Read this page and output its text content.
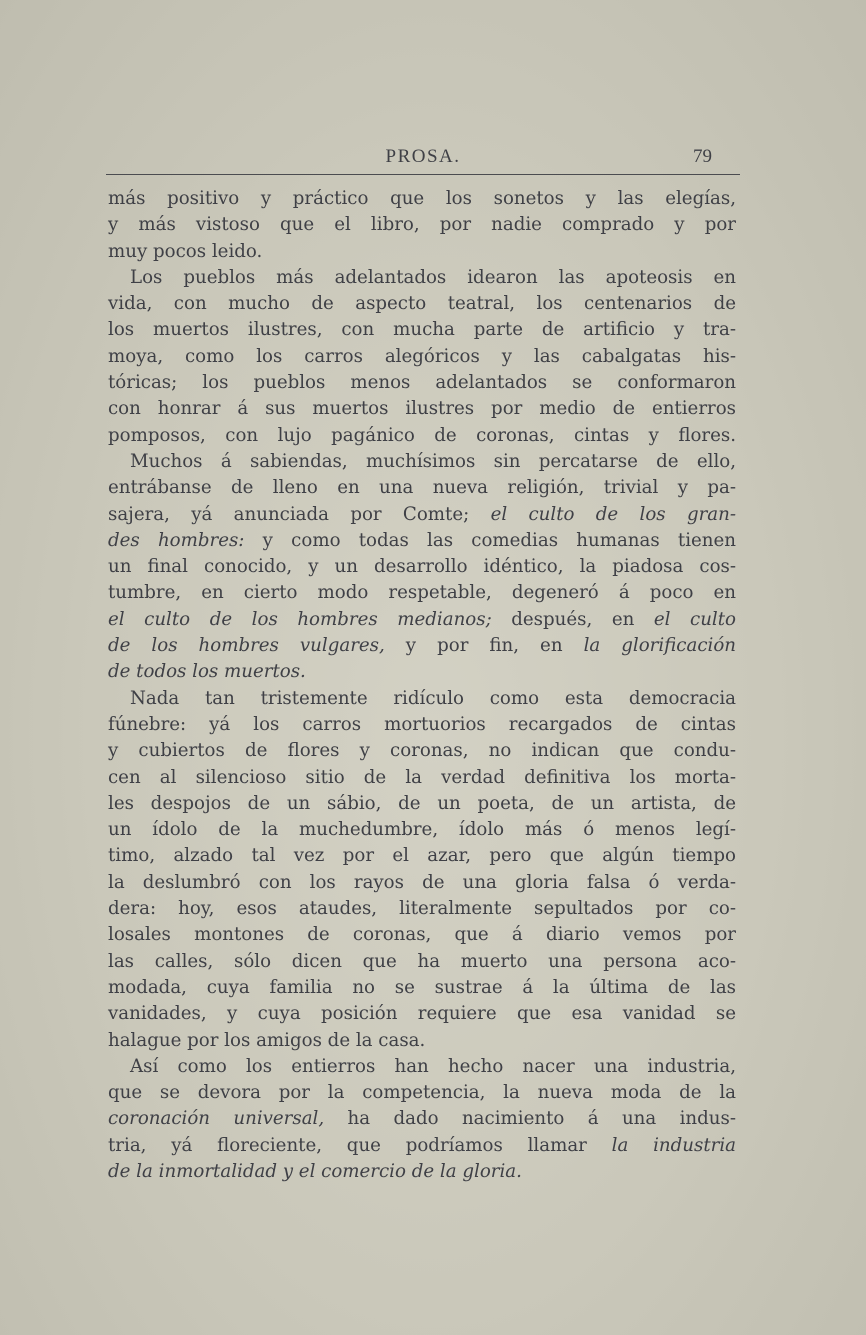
PROSA.	79
más positivo y práctico que los sonetos y las elegías,
y más vistoso que el libro, por nadie comprado y por
muy pocos leido.
Los pueblos más adelantados idearon las apoteosis en
vida, con mucho de aspecto teatral, los centenarios de
los muertos ilustres, con mucha parte de artificio y tra-
moya, como los carros alegóricos y las cabalgatas his-
tóricas; los pueblos menos adelantados se conformaron
con honrar á sus muertos ilustres por medio de entierros
pomposos, con lujo pagánico de coronas, cintas y flores.
Muchos á sabiendas, muchísimos sin percatarse de ello,
entrábanse de lleno en una nueva religión, trivial y pa-
sajera, yá anunciada por Comte; el culto de los gran-
des hombres: y como todas las comedias humanas tienen
un final conocido, y un desarrollo idéntico, la piadosa cos-
tumbre, en cierto modo respetable, degeneró á poco en
el culto de los hombres medianos; después, en el culto
de los hombres vulgares, y por fin, en la glorificación
de todos los muertos.
Nada tan tristemente ridículo como esta democracia
fúnebre: yá los carros mortuorios recargados de cintas
y cubiertos de flores y coronas, no indican que condu-
cen al silencioso sitio de la verdad definitiva los morta-
les despojos de un sábio, de un poeta, de un artista, de
un ídolo de la muchedumbre, ídolo más ó menos legí-
timo, alzado tal vez por el azar, pero que algún tiempo
la deslumbró con los rayos de una gloria falsa ó verda-
dera: hoy, esos ataudes, literalmente sepultados por co-
losales montones de coronas, que á diario vemos por
las calles, sólo dicen que ha muerto una persona aco-
modada, cuya familia no se sustrae á la última de las
vanidades, y cuya posición requiere que esa vanidad se
halague por los amigos de la casa.
Así como los entierros han hecho nacer una industria,
que se devora por la competencia, la nueva moda de la
coronación universal, ha dado nacimiento á una indus-
tria, yá floreciente, que podríamos llamar la industria
de la inmortalidad y el comercio de la gloria.
